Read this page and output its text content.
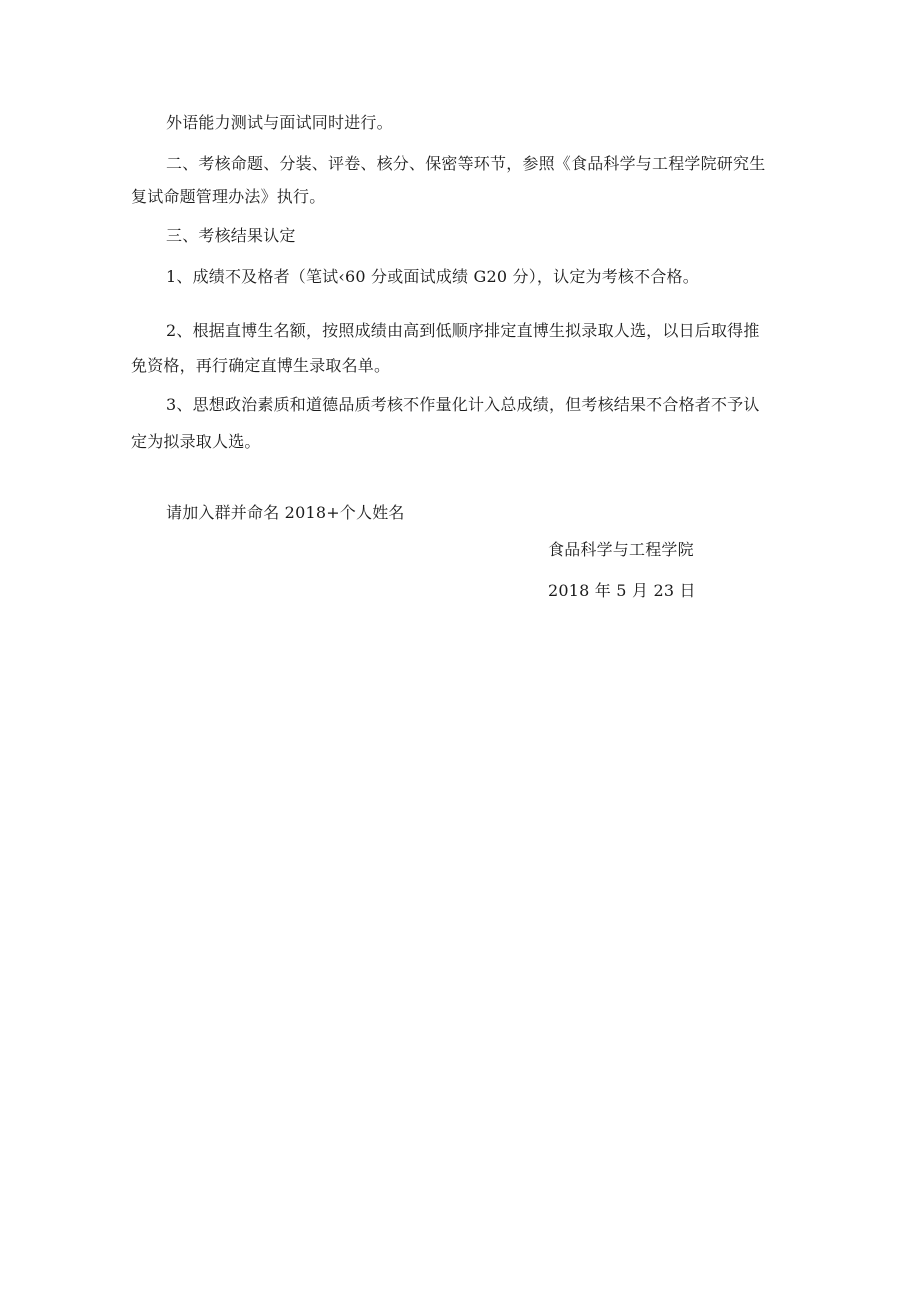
外语能力测试与面试同时进行。
二、考核命题、分装、评卷、核分、保密等环节，参照《食品科学与工程学院研究生
复试命题管理办法》执行。
三、考核结果认定
1、成绩不及格者（笔试‹60 分或面试成绩 G20 分），认定为考核不合格。
2、根据直博生名额，按照成绩由高到低顺序排定直博生拟录取人选，以日后取得推
免资格，再行确定直博生录取名单。
3、思想政治素质和道德品质考核不作量化计入总成绩，但考核结果不合格者不予认
定为拟录取人选。
请加入群并命名 2018+个人姓名
食品科学与工程学院
2018 年 5 月 23 日
